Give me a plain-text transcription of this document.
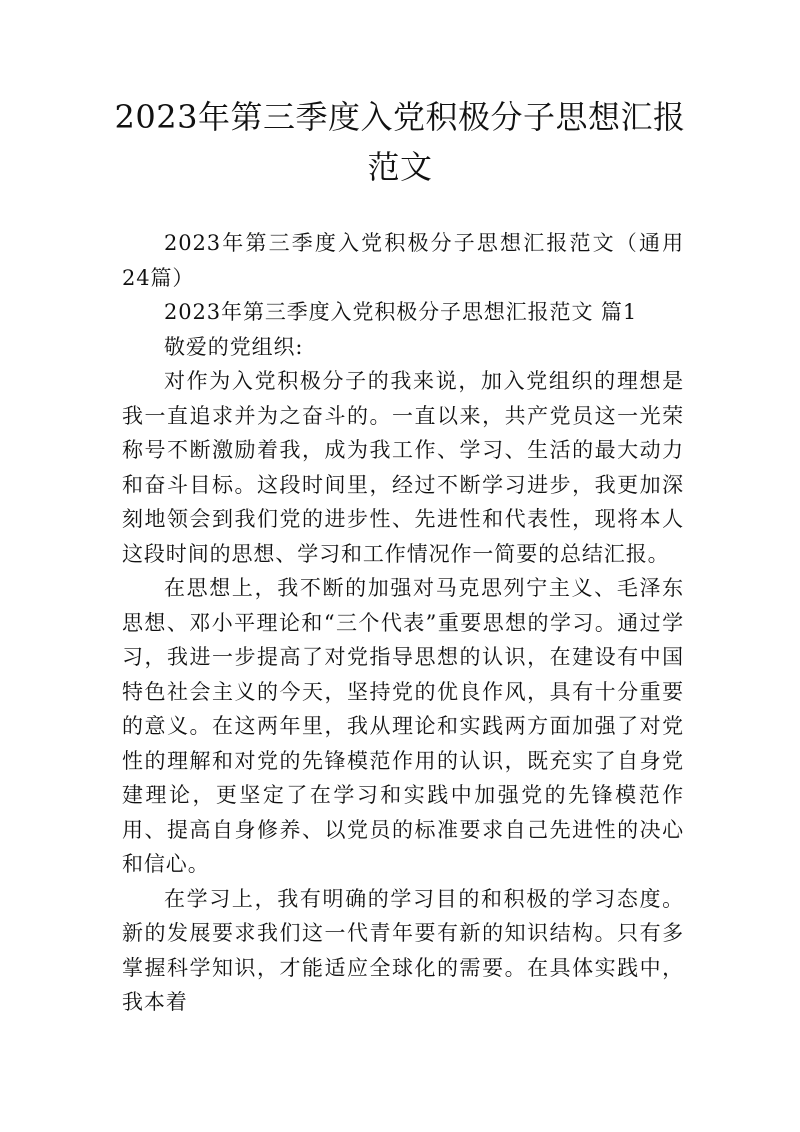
2023年第三季度入党积极分子思想汇报范文

2023年第三季度入党积极分子思想汇报范文（通用24篇）

2023年第三季度入党积极分子思想汇报范文 篇1

敬爱的党组织:

对作为入党积极分子的我来说，加入党组织的理想是我一直追求并为之奋斗的。一直以来，共产党员这一光荣称号不断激励着我，成为我工作、学习、生活的最大动力和奋斗目标。这段时间里，经过不断学习进步，我更加深刻地领会到我们党的进步性、先进性和代表性，现将本人这段时间的思想、学习和工作情况作一简要的总结汇报。

在思想上，我不断的加强对马克思列宁主义、毛泽东思想、邓小平理论和“三个代表”重要思想的学习。通过学习，我进一步提高了对党指导思想的认识，在建设有中国特色社会主义的今天，坚持党的优良作风，具有十分重要的意义。在这两年里，我从理论和实践两方面加强了对党性的理解和对党的先锋模范作用的认识，既充实了自身党建理论，更坚定了在学习和实践中加强党的先锋模范作用、提高自身修养、以党员的标准要求自己先进性的决心和信心。

在学习上，我有明确的学习目的和积极的学习态度。新的发展要求我们这一代青年要有新的知识结构。只有多掌握科学知识，才能适应全球化的需要。在具体实践中，我本着
